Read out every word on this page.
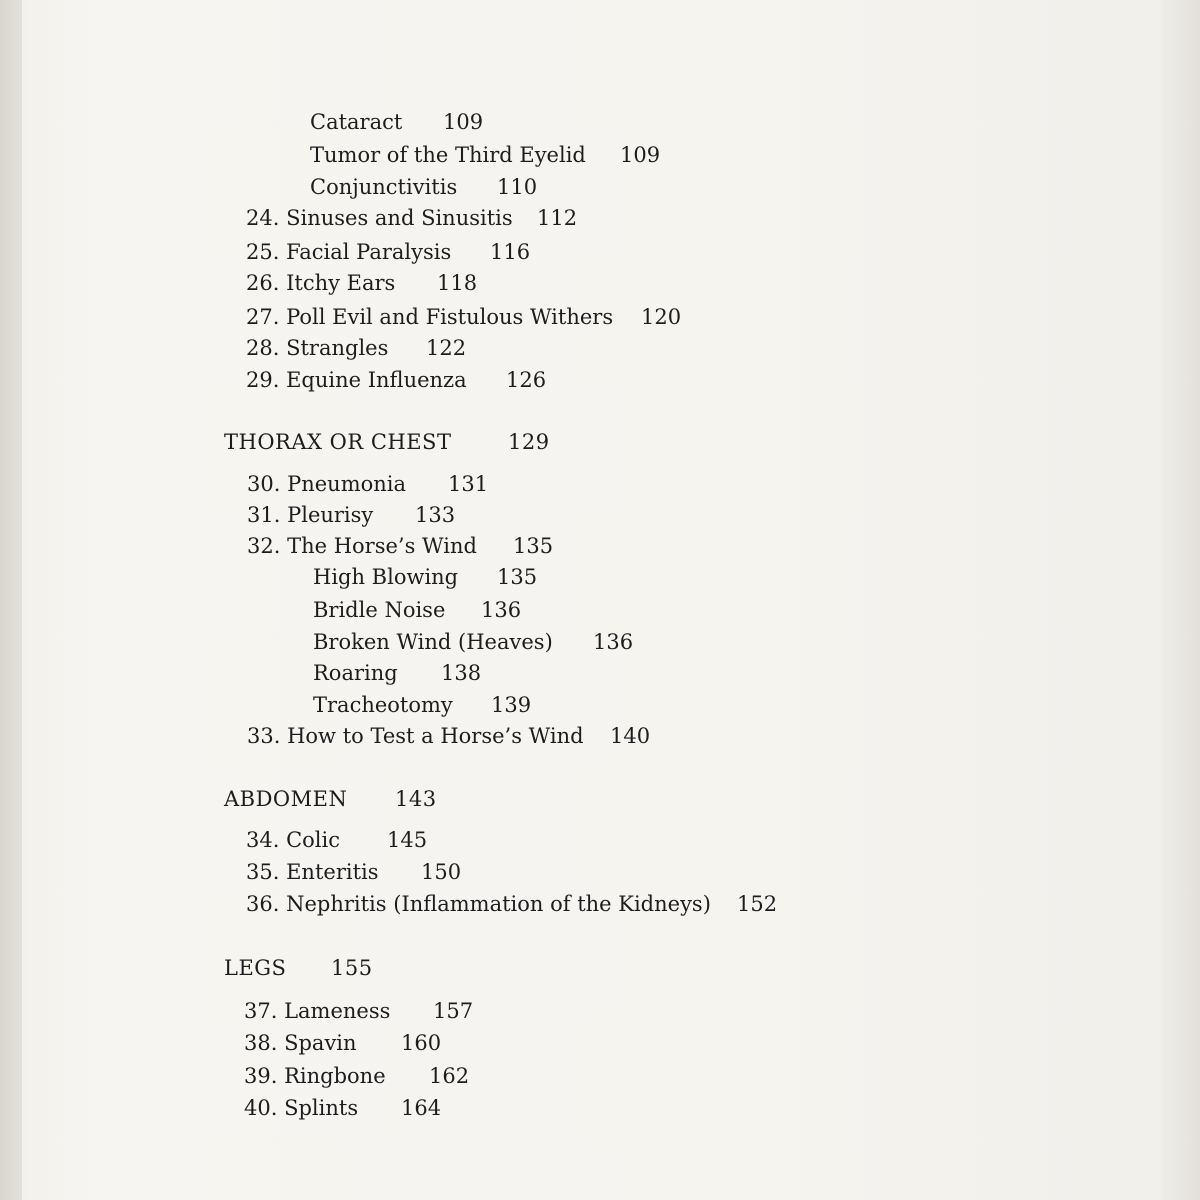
Cataract 109
Tumor of the Third Eyelid 109
Conjunctivitis 110
24. Sinuses and Sinusitis 112
25. Facial Paralysis 116
26. Itchy Ears 118
27. Poll Evil and Fistulous Withers 120
28. Strangles 122
29. Equine Influenza 126
THORAX OR CHEST	129
30. Pneumonia 131
31. Pleurisy 133
32. The Horse’s Wind 135
High Blowing 135
Bridle Noise 136
Broken Wind (Heaves) 136
Roaring 138
Tracheotomy 139
33. How to Test a Horse’s Wind 140
ABDOMEN 143
34. Colic 145
35. Enteritis 150
36. Nephritis (Inflammation of the Kidneys) 152
LEGS 155
37. Lameness 157
38. Spavin 160
39. Ringbone 162
40. Splints 164
